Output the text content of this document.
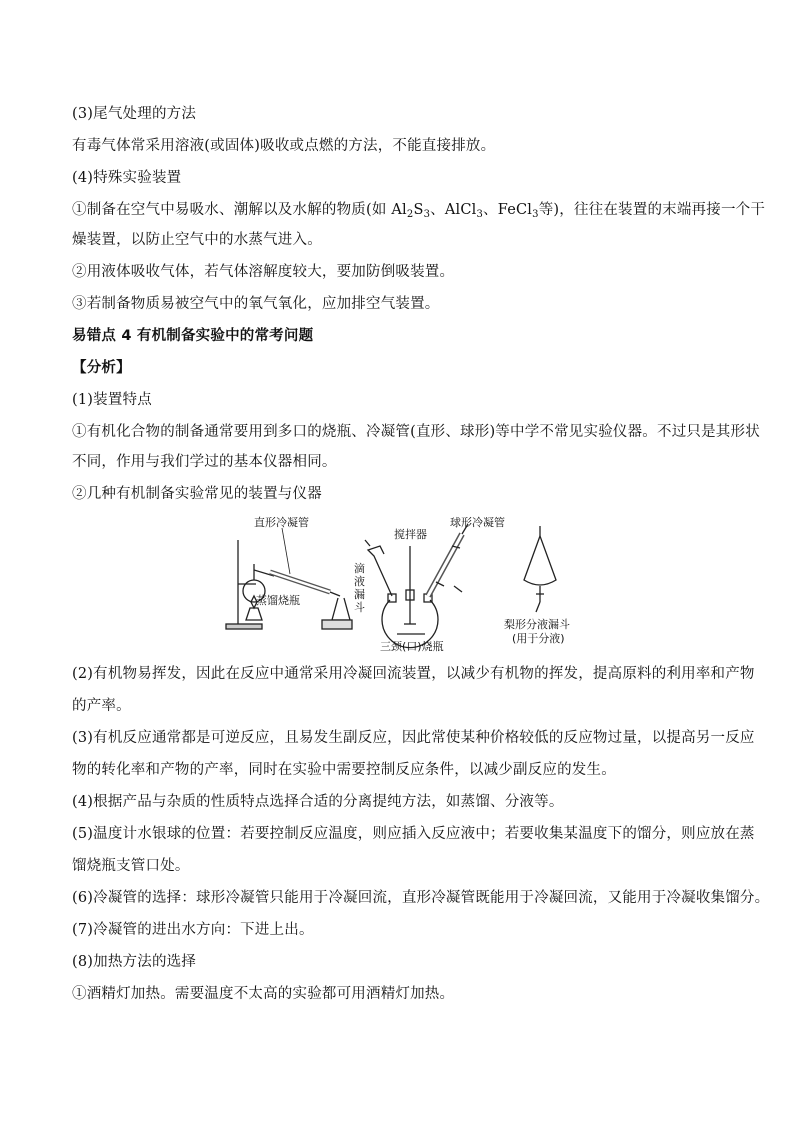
(3)尾气处理的方法
有毒气体常采用溶液(或固体)吸收或点燃的方法，不能直接排放。
(4)特殊实验装置
①制备在空气中易吸水、潮解以及水解的物质(如 $Al_2S_3$、AlCl$_3$、FeCl$_3$等)，往往在装置的末端再接一个干
燥装置，以防止空气中的水蒸气进入。
②用液体吸收气体，若气体溶解度较大，要加防倒吸装置。
③若制备物质易被空气中的氧气氧化，应加排空气装置。
易错点 4 有机制备实验中的常考问题
【分析】
(1)装置特点
①有机化合物的制备通常要用到多口的烧瓶、冷凝管(直形、球形)等中学不常见实验仪器。不过只是其形状
不同，作用与我们学过的基本仪器相同。
②几种有机制备实验常见的装置与仪器
直形冷凝管
蒸馏烧瓶
搅拌器
球形冷凝管
滴
液
漏
斗
三颈(口)烧瓶
梨形分液漏斗
(用于分液)
(2)有机物易挥发，因此在反应中通常采用冷凝回流装置，以减少有机物的挥发，提高原料的利用率和产物
的产率。
(3)有机反应通常都是可逆反应，且易发生副反应，因此常使某种价格较低的反应物过量，以提高另一反应
物的转化率和产物的产率，同时在实验中需要控制反应条件，以减少副反应的发生。
(4)根据产品与杂质的性质特点选择合适的分离提纯方法，如蒸馏、分液等。
(5)温度计水银球的位置：若要控制反应温度，则应插入反应液中；若要收集某温度下的馏分，则应放在蒸
馏烧瓶支管口处。
(6)冷凝管的选择：球形冷凝管只能用于冷凝回流，直形冷凝管既能用于冷凝回流，又能用于冷凝收集馏分。
(7)冷凝管的进出水方向：下进上出。
(8)加热方法的选择
①酒精灯加热。需要温度不太高的实验都可用酒精灯加热。
